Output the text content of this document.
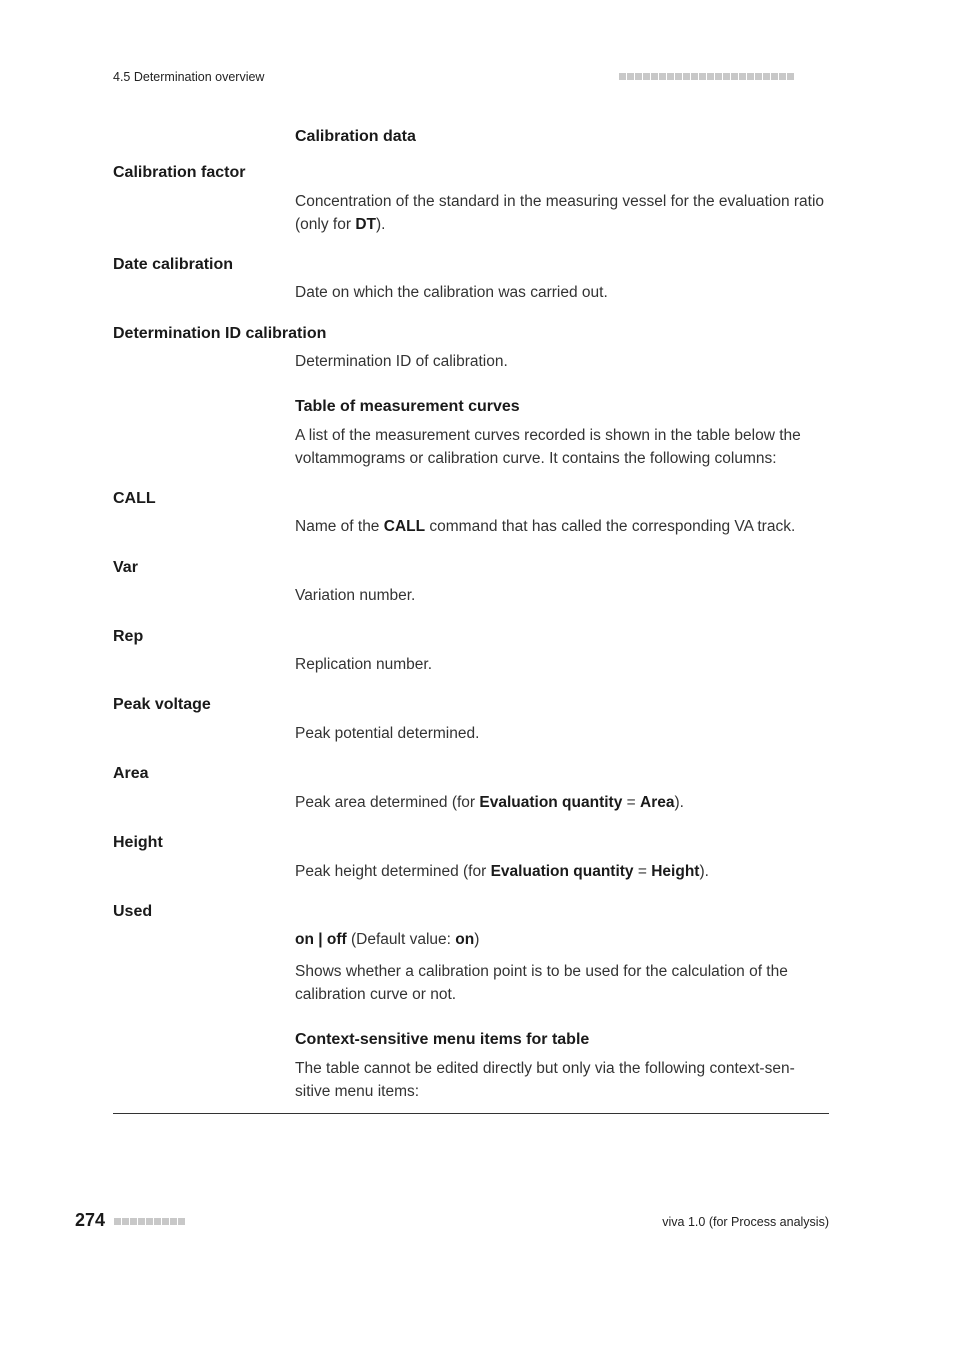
4.5 Determination overview
Calibration data
Calibration factor
Concentration of the standard in the measuring vessel for the evaluation ratio (only for DT).
Date calibration
Date on which the calibration was carried out.
Determination ID calibration
Determination ID of calibration.
Table of measurement curves
A list of the measurement curves recorded is shown in the table below the voltammograms or calibration curve. It contains the following columns:
CALL
Name of the CALL command that has called the corresponding VA track.
Var
Variation number.
Rep
Replication number.
Peak voltage
Peak potential determined.
Area
Peak area determined (for Evaluation quantity = Area).
Height
Peak height determined (for Evaluation quantity = Height).
Used
on | off (Default value: on)
Shows whether a calibration point is to be used for the calculation of the calibration curve or not.
Context-sensitive menu items for table
The table cannot be edited directly but only via the following context-sen-
sitive menu items:
274	viva 1.0 (for Process analysis)
